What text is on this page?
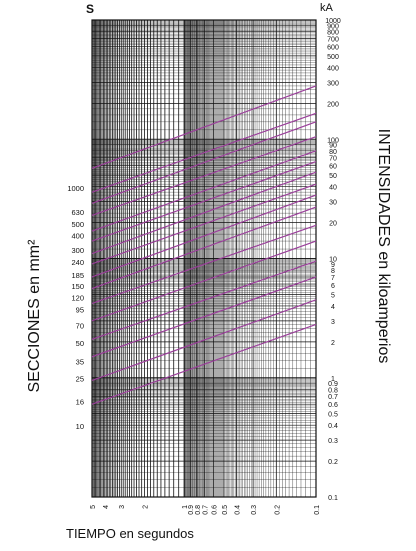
S	kA
1000
630
500
400
300
240
185
150
120
95
70
50
35
25
16
10
1000
900
800
700
600
500
400
300
200
100
90
80
70
60
50
40
30
20
10
9
8
7
6
5
4
3
2
1
0.9
0.8
0.7
0.6
0.5
0.4
0.3
0.2
0.1
5 4 3 2	1 0.9 0.8 0.7 0.6 0.5 0.4 0.3 0.2	0.1
SECCIONES en mm²	INTENSIDADES en kiloamperios
TIEMPO en segundos
